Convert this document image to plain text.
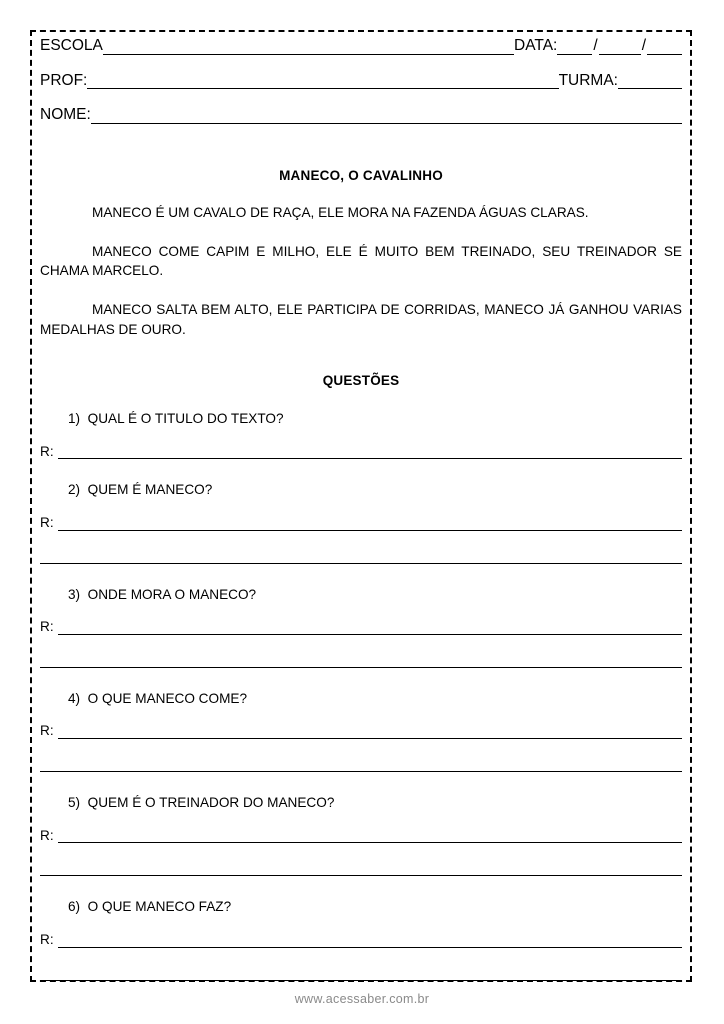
ESCOLA	DATA: /	/
PROF:	TURMA:
NOME:
MANECO, O CAVALINHO

MANECO É UM CAVALO DE RAÇA, ELE MORA NA FAZENDA ÁGUAS CLARAS.

MANECO COME CAPIM E MILHO, ELE É MUITO BEM TREINADO, SEU TREINADOR SE CHAMA MARCELO.

MANECO SALTA BEM ALTO, ELE PARTICIPA DE CORRIDAS, MANECO JÁ GANHOU VARIAS MEDALHAS DE OURO.

QUESTÕES
1) QUAL É O TITULO DO TEXTO?
R:
2) QUEM É MANECO?
R:
3) ONDE MORA O MANECO?
R:
4) O QUE MANECO COME?
R:
5) QUEM É O TREINADOR DO MANECO?
R:
6) O QUE MANECO FAZ?
R:
www.acessaber.com.br
